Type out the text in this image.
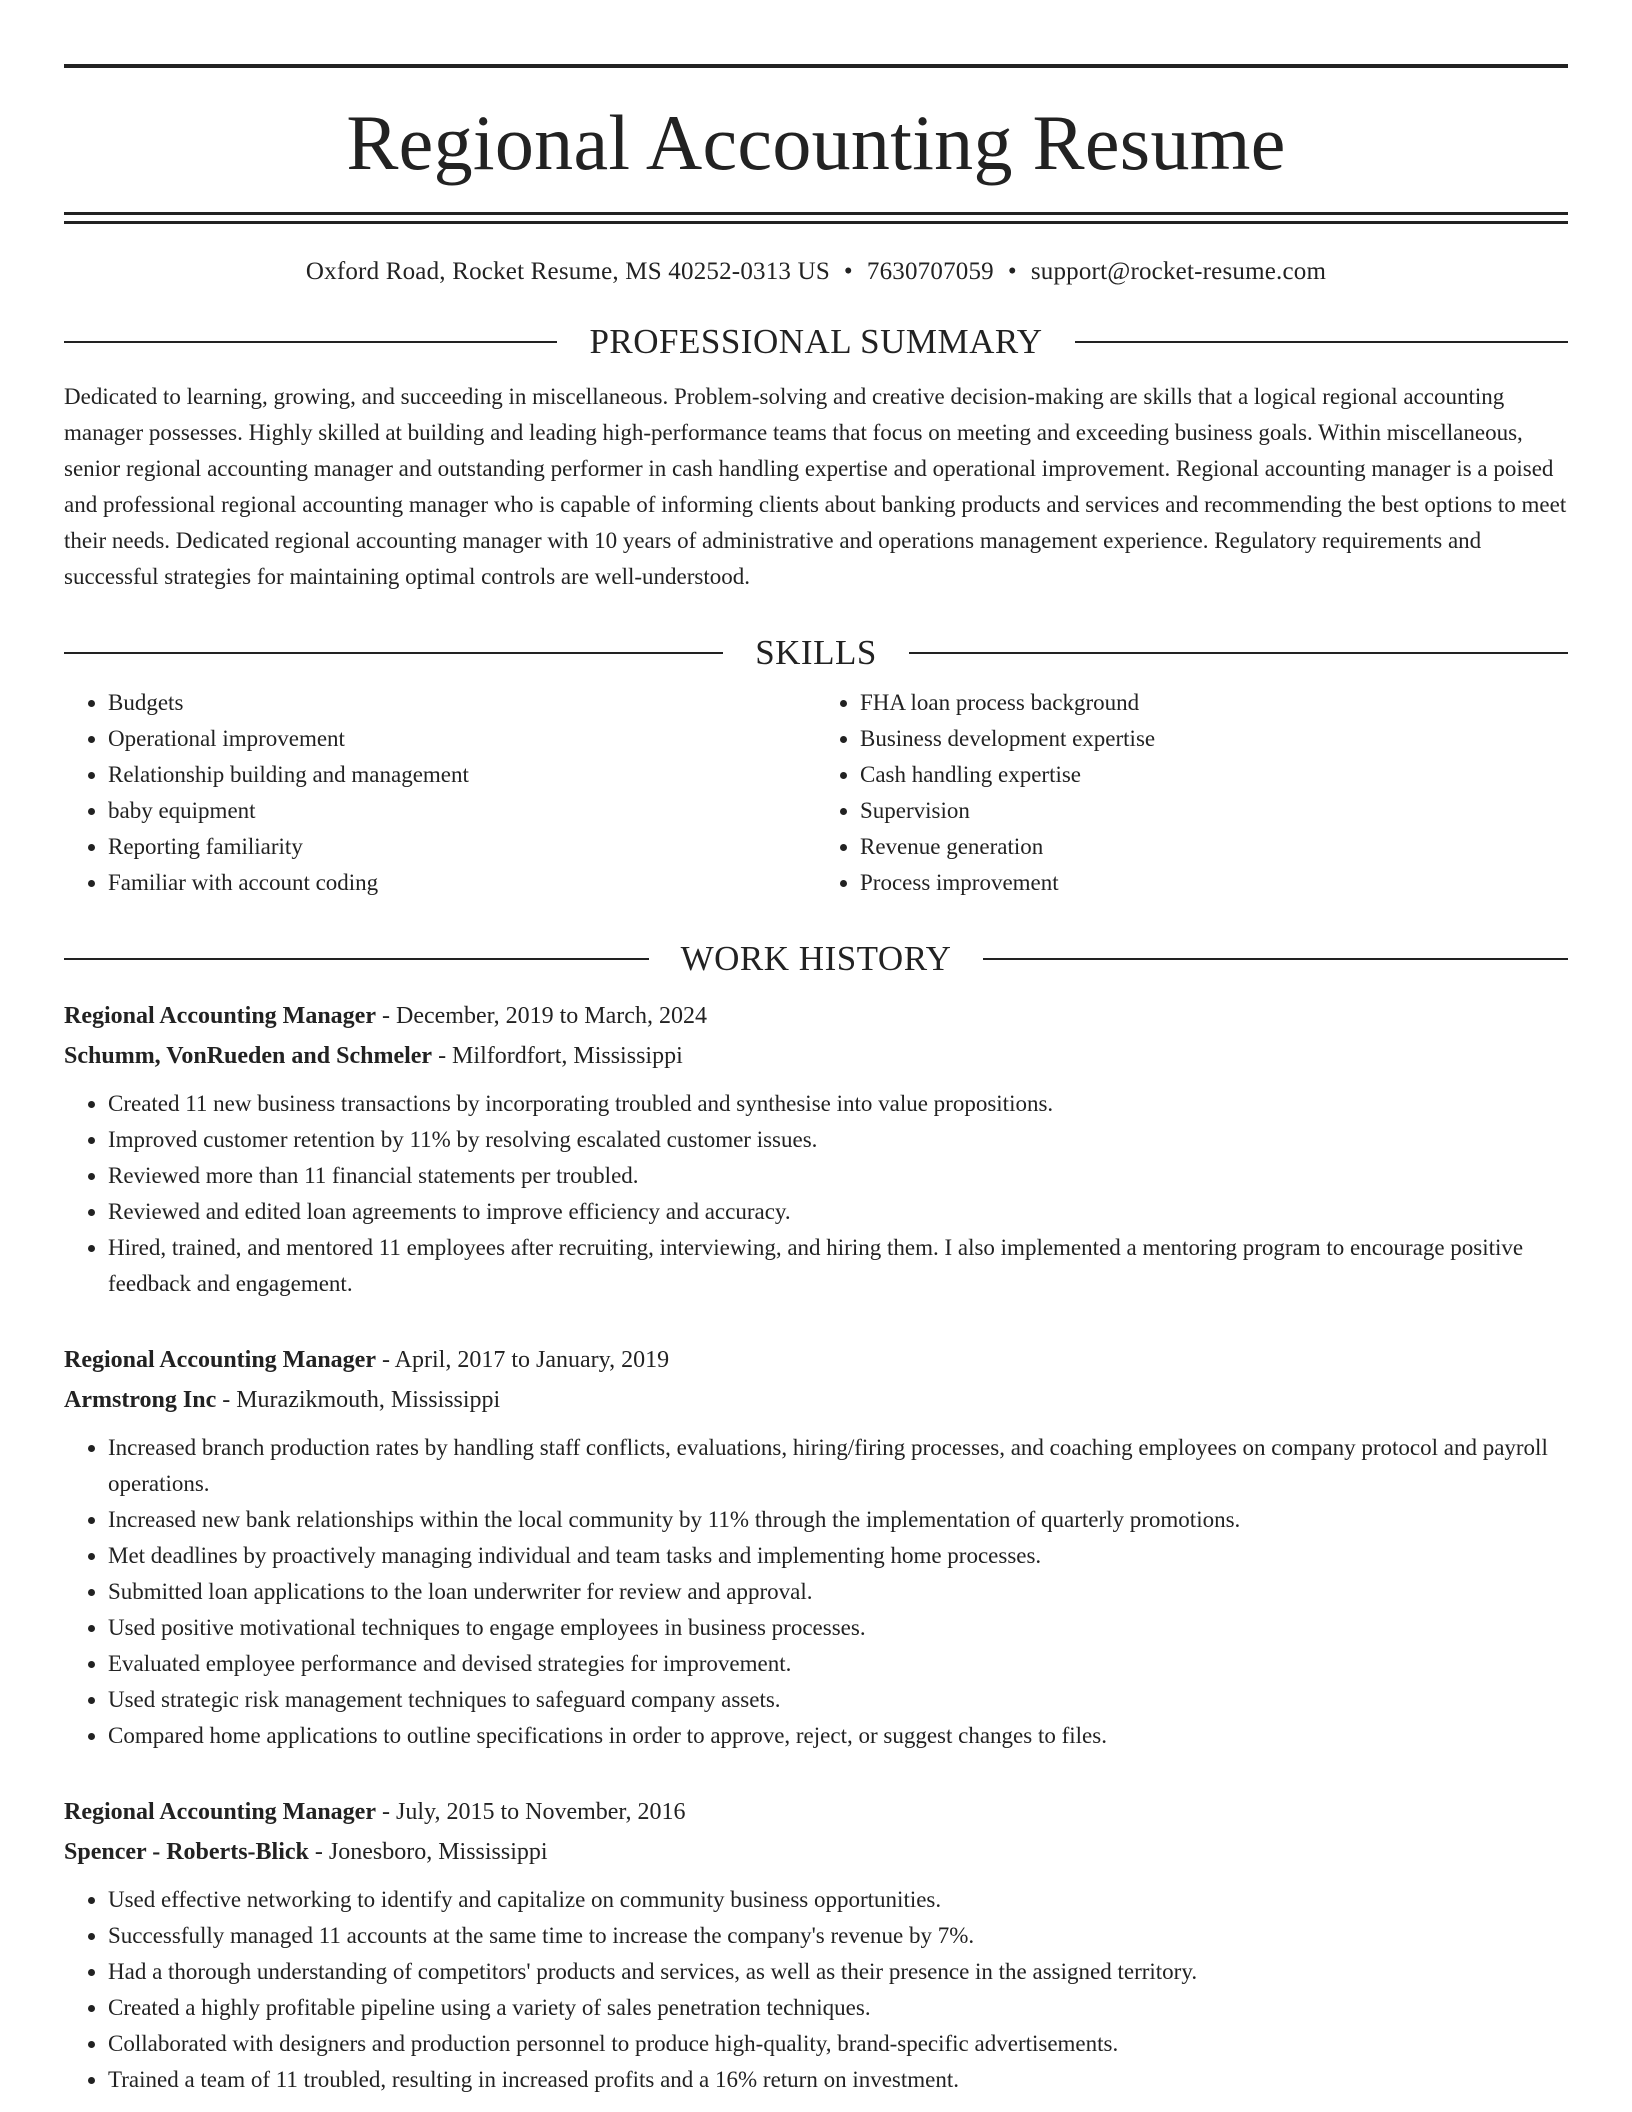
Regional Accounting Resume
Oxford Road, Rocket Resume, MS 40252-0313 US • 7630707059 • support@rocket-resume.com
PROFESSIONAL SUMMARY
Dedicated to learning, growing, and succeeding in miscellaneous. Problem-solving and creative decision-making are skills that a logical regional accounting manager possesses. Highly skilled at building and leading high-performance teams that focus on meeting and exceeding business goals. Within miscellaneous, senior regional accounting manager and outstanding performer in cash handling expertise and operational improvement. Regional accounting manager is a poised and professional regional accounting manager who is capable of informing clients about banking products and services and recommending the best options to meet their needs. Dedicated regional accounting manager with 10 years of administrative and operations management experience. Regulatory requirements and successful strategies for maintaining optimal controls are well-understood.
SKILLS
• Budgets
• Operational improvement
• Relationship building and management
• baby equipment
• Reporting familiarity
• Familiar with account coding
• FHA loan process background
• Business development expertise
• Cash handling expertise
• Supervision
• Revenue generation
• Process improvement
WORK HISTORY
Regional Accounting Manager - December, 2019 to March, 2024
Schumm, VonRueden and Schmeler - Milfordfort, Mississippi
• Created 11 new business transactions by incorporating troubled and synthesise into value propositions.
• Improved customer retention by 11% by resolving escalated customer issues.
• Reviewed more than 11 financial statements per troubled.
• Reviewed and edited loan agreements to improve efficiency and accuracy.
• Hired, trained, and mentored 11 employees after recruiting, interviewing, and hiring them. I also implemented a mentoring program to encourage positive feedback and engagement.
Regional Accounting Manager - April, 2017 to January, 2019
Armstrong Inc - Murazikmouth, Mississippi
• Increased branch production rates by handling staff conflicts, evaluations, hiring/firing processes, and coaching employees on company protocol and payroll operations.
• Increased new bank relationships within the local community by 11% through the implementation of quarterly promotions.
• Met deadlines by proactively managing individual and team tasks and implementing home processes.
• Submitted loan applications to the loan underwriter for review and approval.
• Used positive motivational techniques to engage employees in business processes.
• Evaluated employee performance and devised strategies for improvement.
• Used strategic risk management techniques to safeguard company assets.
• Compared home applications to outline specifications in order to approve, reject, or suggest changes to files.
Regional Accounting Manager - July, 2015 to November, 2016
Spencer - Roberts-Blick - Jonesboro, Mississippi
• Used effective networking to identify and capitalize on community business opportunities.
• Successfully managed 11 accounts at the same time to increase the company's revenue by 7%.
• Had a thorough understanding of competitors' products and services, as well as their presence in the assigned territory.
• Created a highly profitable pipeline using a variety of sales penetration techniques.
• Collaborated with designers and production personnel to produce high-quality, brand-specific advertisements.
• Trained a team of 11 troubled, resulting in increased profits and a 16% return on investment.
